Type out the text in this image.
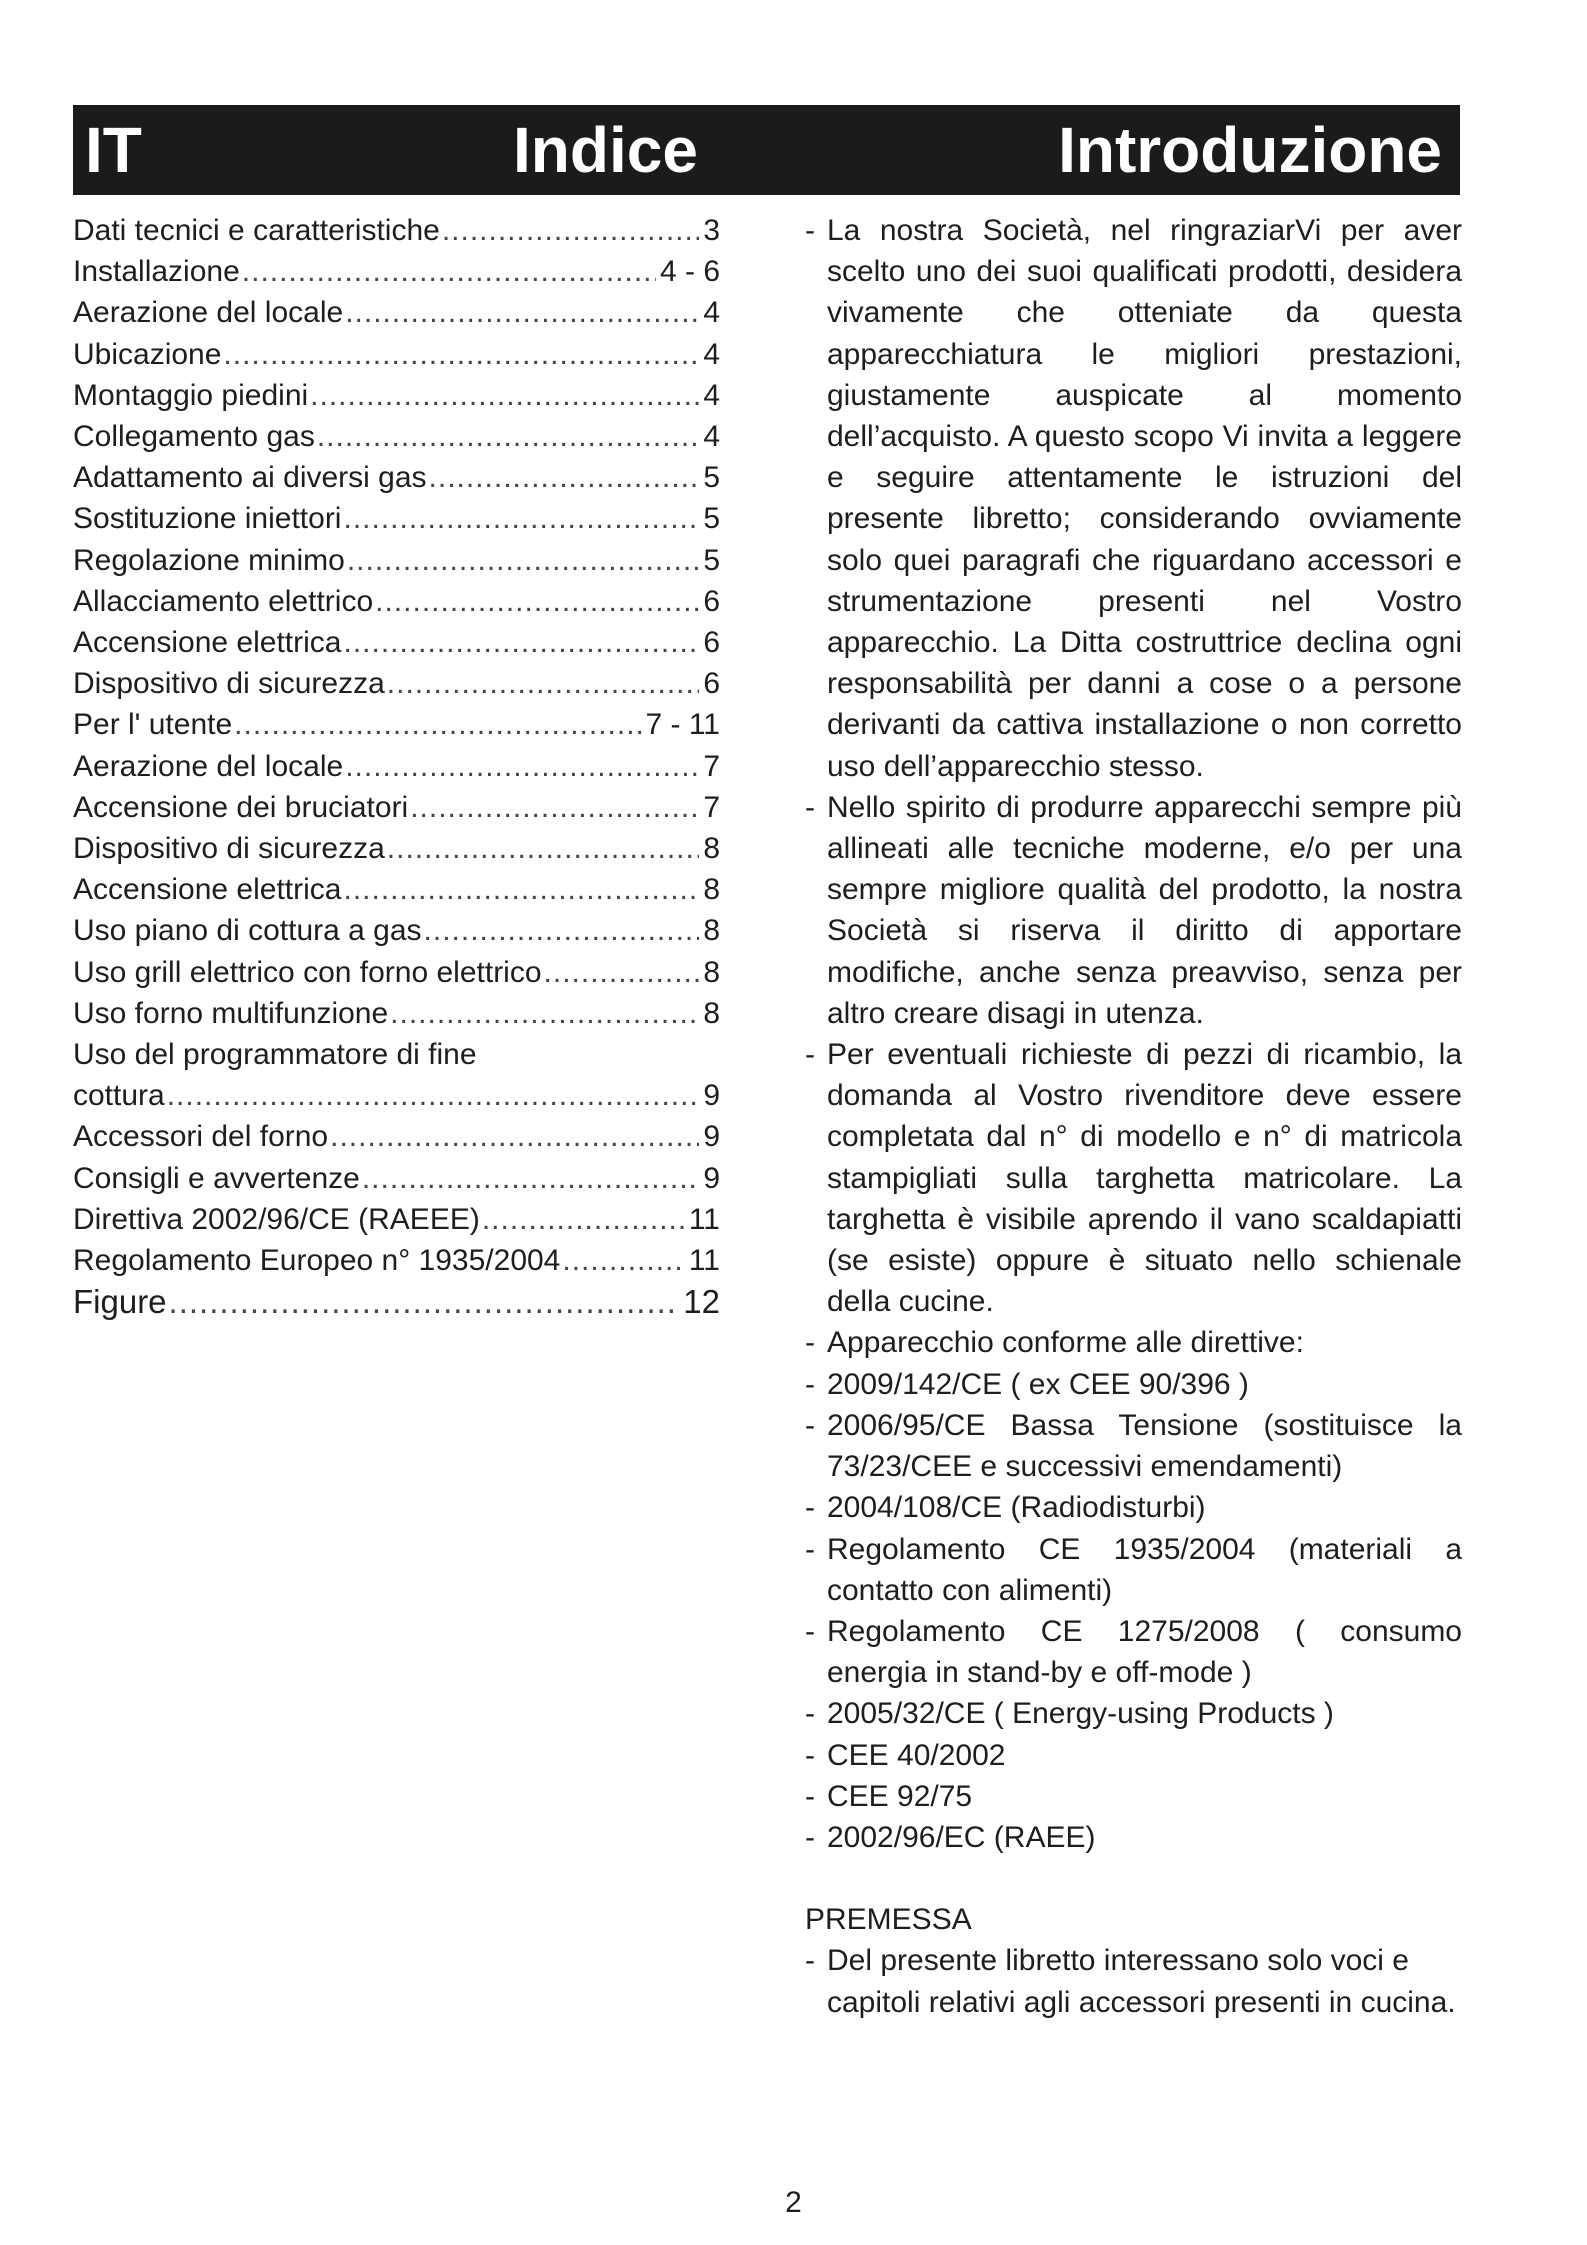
IT	Indice	Introduzione
Dati tecnici e caratteristiche .....	3
Installazione .....	4 - 6
Aerazione del locale .....	4
Ubicazione .....	4
Montaggio piedini .....	4
Collegamento gas .....	4
Adattamento ai diversi gas .....	5
Sostituzione iniettori .....	5
Regolazione minimo .....	5
Allacciamento elettrico .....	6
Accensione elettrica .....	6
Dispositivo di sicurezza .....	6
Per l' utente .....	7 - 11
Aerazione del locale .....	7
Accensione dei bruciatori .....	7
Dispositivo di sicurezza .....	8
Accensione elettrica .....	8
Uso piano di cottura a gas .....	8
Uso grill elettrico con forno elettrico .....	8
Uso forno multifunzione .....	8
Uso del programmatore di fine
cottura .....	9
Accessori del forno .....	9
Consigli e avvertenze .....	9
Direttiva 2002/96/CE (RAEEE) .....	11
Regolamento Europeo n° 1935/2004 .....	11
Figure .....	12
- La nostra Società, nel ringraziarVi per aver scelto uno dei suoi qualificati prodotti, desidera vivamente che otteniate da questa apparecchiatura le migliori prestazioni, giustamente auspicate al momento dell’acquisto. A questo scopo Vi invita a leggere e seguire attentamente le istruzioni del presente libretto; considerando ovviamente solo quei paragrafi che riguardano accessori e strumentazione presenti nel Vostro apparecchio. La Ditta costruttrice declina ogni responsabilità per danni a cose o a persone derivanti da cattiva installazione o non corretto uso dell’apparecchio stesso.
- Nello spirito di produrre apparecchi sempre più allineati alle tecniche moderne, e/o per una sempre migliore qualità del prodotto, la nostra Società si riserva il diritto di apportare modifiche, anche senza preavviso, senza per altro creare disagi in utenza.
- Per eventuali richieste di pezzi di ricambio, la domanda al Vostro rivenditore deve essere completata dal n° di modello e n° di matricola stampigliati sulla targhetta matricolare. La targhetta è visibile aprendo il vano scaldapiatti (se esiste) oppure è situato nello schienale della cucine.
- Apparecchio conforme alle direttive:
- 2009/142/CE ( ex CEE 90/396 )
- 2006/95/CE Bassa Tensione (sostituisce la 73/23/CEE e successivi emendamenti)
- 2004/108/CE (Radiodisturbi)
- Regolamento CE 1935/2004 (materiali a contatto con alimenti)
- Regolamento CE 1275/2008 ( consumo energia in stand-by e off-mode )
- 2005/32/CE ( Energy-using Products )
- CEE 40/2002
- CEE 92/75
- 2002/96/EC (RAEE)
PREMESSA
- Del presente libretto interessano solo voci e capitoli relativi agli accessori presenti in cucina.
2
